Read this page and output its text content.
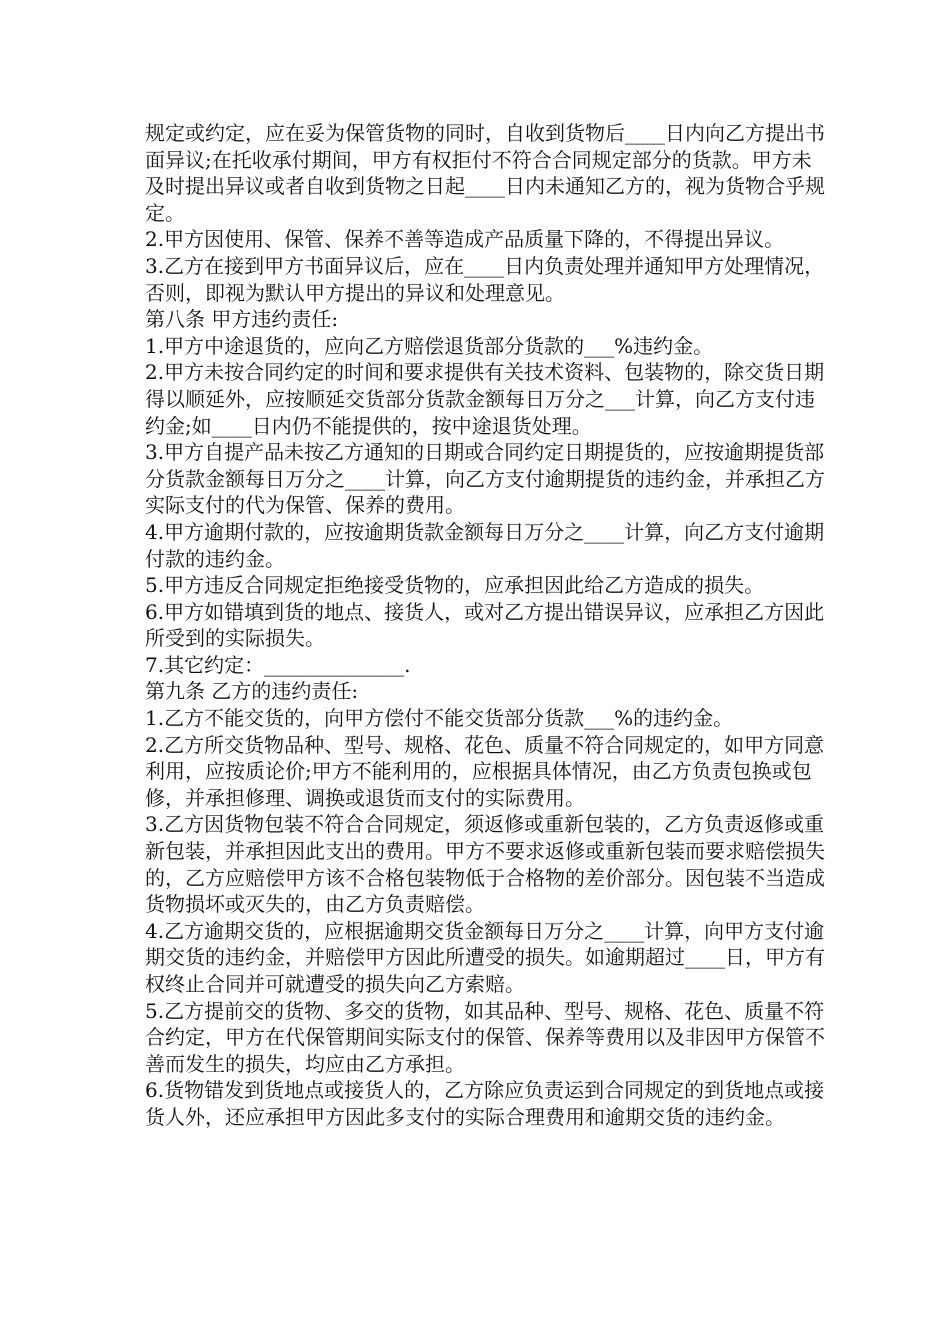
规定或约定，应在妥为保管货物的同时，自收到货物后____日内向乙方提出书面异议;在托收承付期间，甲方有权拒付不符合合同规定部分的货款。甲方未及时提出异议或者自收到货物之日起____日内未通知乙方的，视为货物合乎规定。

2.甲方因使用、保管、保养不善等造成产品质量下降的，不得提出异议。

3.乙方在接到甲方书面异议后，应在____日内负责处理并通知甲方处理情况，否则，即视为默认甲方提出的异议和处理意见。

第八条 甲方违约责任:

1.甲方中途退货的，应向乙方赔偿退货部分货款的___%违约金。

2.甲方未按合同约定的时间和要求提供有关技术资料、包装物的，除交货日期得以顺延外，应按顺延交货部分货款金额每日万分之___计算，向乙方支付违约金;如____日内仍不能提供的，按中途退货处理。

3.甲方自提产品未按乙方通知的日期或合同约定日期提货的，应按逾期提货部分货款金额每日万分之____计算，向乙方支付逾期提货的违约金，并承担乙方实际支付的代为保管、保养的费用。

4.甲方逾期付款的，应按逾期货款金额每日万分之____计算，向乙方支付逾期付款的违约金。

5.甲方违反合同规定拒绝接受货物的，应承担因此给乙方造成的损失。

6.甲方如错填到货的地点、接货人，或对乙方提出错误异议，应承担乙方因此所受到的实际损失。

7.其它约定：______________.

第九条 乙方的违约责任:

1.乙方不能交货的，向甲方偿付不能交货部分货款___%的违约金。

2.乙方所交货物品种、型号、规格、花色、质量不符合同规定的，如甲方同意利用，应按质论价;甲方不能利用的，应根据具体情况，由乙方负责包换或包修，并承担修理、调换或退货而支付的实际费用。

3.乙方因货物包装不符合合同规定，须返修或重新包装的，乙方负责返修或重新包装，并承担因此支出的费用。甲方不要求返修或重新包装而要求赔偿损失的，乙方应赔偿甲方该不合格包装物低于合格物的差价部分。因包装不当造成货物损坏或灭失的，由乙方负责赔偿。

4.乙方逾期交货的，应根据逾期交货金额每日万分之____计算，向甲方支付逾期交货的违约金，并赔偿甲方因此所遭受的损失。如逾期超过____日，甲方有权终止合同并可就遭受的损失向乙方索赔。

5.乙方提前交的货物、多交的货物，如其品种、型号、规格、花色、质量不符合约定，甲方在代保管期间实际支付的保管、保养等费用以及非因甲方保管不善而发生的损失，均应由乙方承担。

6.货物错发到货地点或接货人的，乙方除应负责运到合同规定的到货地点或接货人外，还应承担甲方因此多支付的实际合理费用和逾期交货的违约金。
